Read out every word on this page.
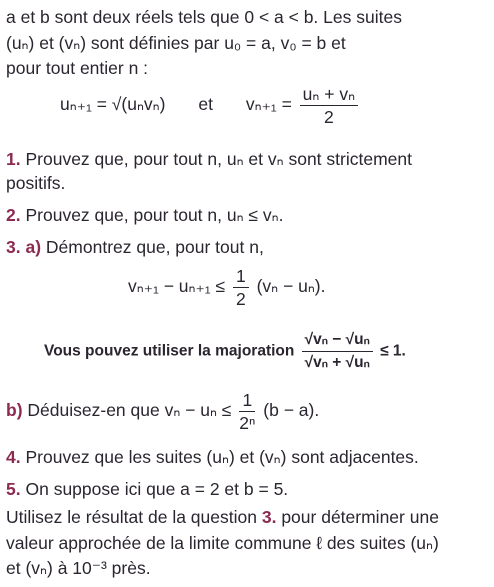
a et b sont deux réels tels que 0 < a < b. Les suites
(uₙ) et (vₙ) sont définies par u₀ = a, v₀ = b et
pour tout entier n :
uₙ₊₁ = √(uₙvₙ) et $v_{n+1} = \frac{\text{uₙ + vₙ}}{2}$
1. Prouvez que, pour tout n, uₙ et vₙ sont strictement
positifs.
2. Prouvez que, pour tout n, uₙ ≤ vₙ.
3. a) Démontrez que, pour tout n,
$v_{n+1} - u_{n+1} \le \frac{1}{2} (v_n - u_n)$.
Vous pouvez utiliser la majoration $\frac{\text{√vₙ − √uₙ}}{\text{√vₙ + √uₙ}} \le 1$.
b) Déduisez-en que $v_n - u_n \le \frac{1}{\text{2ⁿ}} (b - a)$.
4. Prouvez que les suites (uₙ) et (vₙ) sont adjacentes.
5. On suppose ici que a = 2 et b = 5.
Utilisez le résultat de la question 3. pour déterminer une
valeur approchée de la limite commune ℓ des suites (uₙ)
et (vₙ) à 10⁻³ près.
